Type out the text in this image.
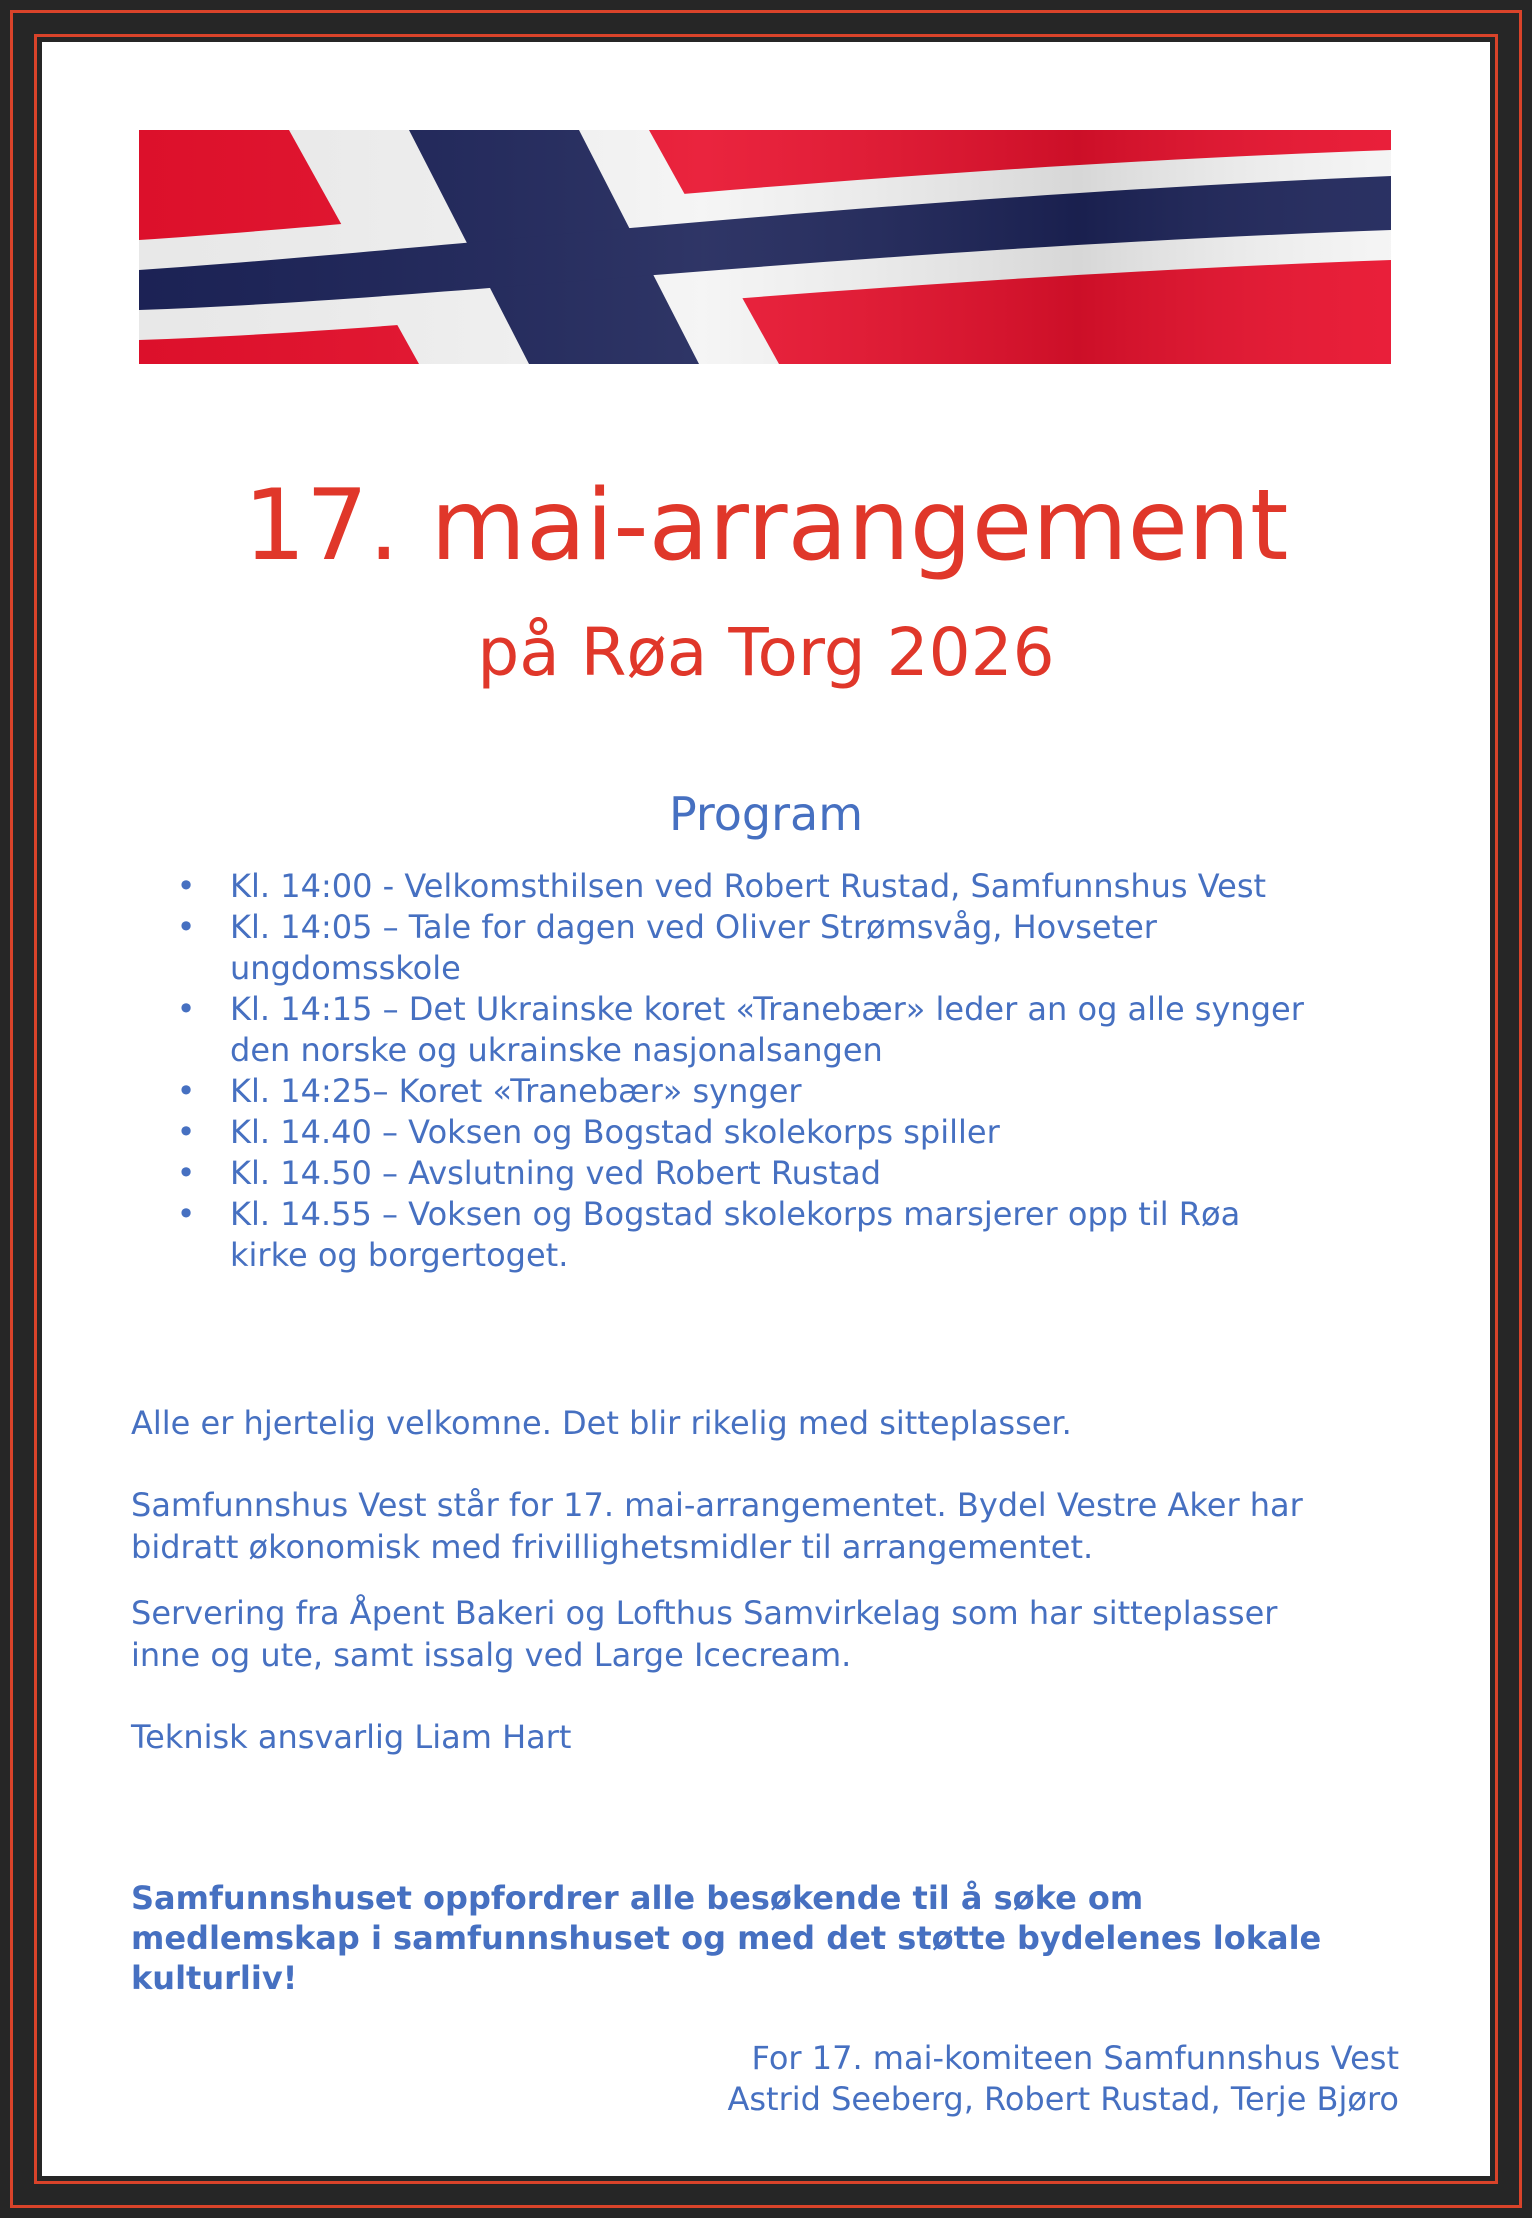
17. mai-arrangement
på Røa Torg 2026
Program
• Kl. 14:00 - Velkomsthilsen ved Robert Rustad, Samfunnshus Vest
• Kl. 14:05 – Tale for dagen ved Oliver Strømsvåg, Hovseter
ungdomsskole
• Kl. 14:15 – Det Ukrainske koret «Tranebær» leder an og alle synger
den norske og ukrainske nasjonalsangen
• Kl. 14:25– Koret «Tranebær» synger
• Kl. 14.40 – Voksen og Bogstad skolekorps spiller
• Kl. 14.50 – Avslutning ved Robert Rustad
• Kl. 14.55 – Voksen og Bogstad skolekorps marsjerer opp til Røa
kirke og borgertoget.

Alle er hjertelig velkomne. Det blir rikelig med sitteplasser.

Samfunnshus Vest står for 17. mai-arrangementet. Bydel Vestre Aker har
bidratt økonomisk med frivillighetsmidler til arrangementet.

Servering fra Åpent Bakeri og Lofthus Samvirkelag som har sitteplasser
inne og ute, samt issalg ved Large Icecream.

Teknisk ansvarlig Liam Hart

Samfunnshuset oppfordrer alle besøkende til å søke om
medlemskap i samfunnshuset og med det støtte bydelenes lokale
kulturliv!

For 17. mai-komiteen Samfunnshus Vest
Astrid Seeberg, Robert Rustad, Terje Bjøro
